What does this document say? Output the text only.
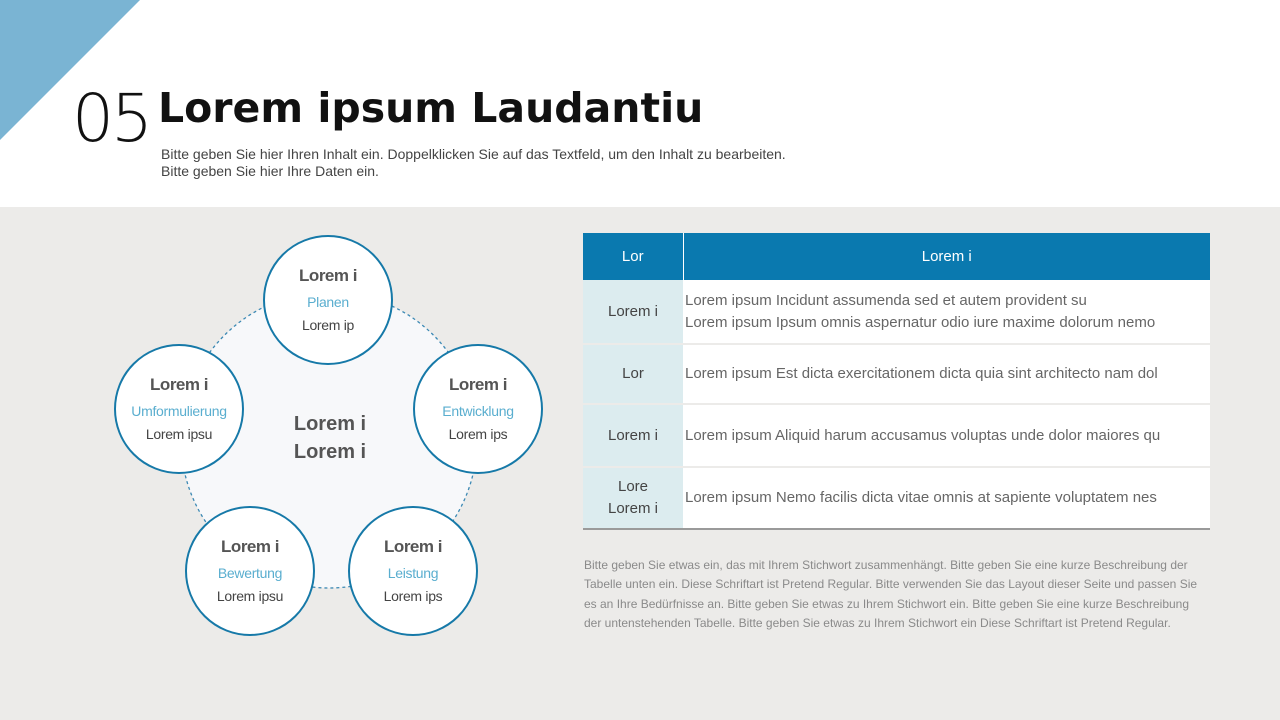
05 Lorem ipsum Laudantiu
Bitte geben Sie hier Ihren Inhalt ein. Doppelklicken Sie auf das Textfeld, um den Inhalt zu bearbeiten.
Bitte geben Sie hier Ihre Daten ein.
Lorem i
Lorem i
Lorem i
Planen
Lorem ip
Lorem i
Entwicklung
Lorem ips
Lorem i
Leistung
Lorem ips
Lorem i
Bewertung
Lorem ipsu
Lorem i
Umformulierung
Lorem ipsu
Lor	Lorem i

Lorem i	Lorem ipsum Incidunt assumenda sed et autem provident su
Lorem ipsum Ipsum omnis aspernatur odio iure maxime dolorum nemo

Lor	Lorem ipsum Est dicta exercitationem dicta quia sint architecto nam dol

Lorem i	Lorem ipsum Aliquid harum accusamus voluptas unde dolor maiores qu

Lore
Lorem i	Lorem ipsum Nemo facilis dicta vitae omnis at sapiente voluptatem nes
Bitte geben Sie etwas ein, das mit Ihrem Stichwort zusammenhängt. Bitte geben Sie eine kurze Beschreibung der
Tabelle unten ein. Diese Schriftart ist Pretend Regular. Bitte verwenden Sie das Layout dieser Seite und passen Sie
es an Ihre Bedürfnisse an. Bitte geben Sie etwas zu Ihrem Stichwort ein. Bitte geben Sie eine kurze Beschreibung
der untenstehenden Tabelle. Bitte geben Sie etwas zu Ihrem Stichwort ein Diese Schriftart ist Pretend Regular.
